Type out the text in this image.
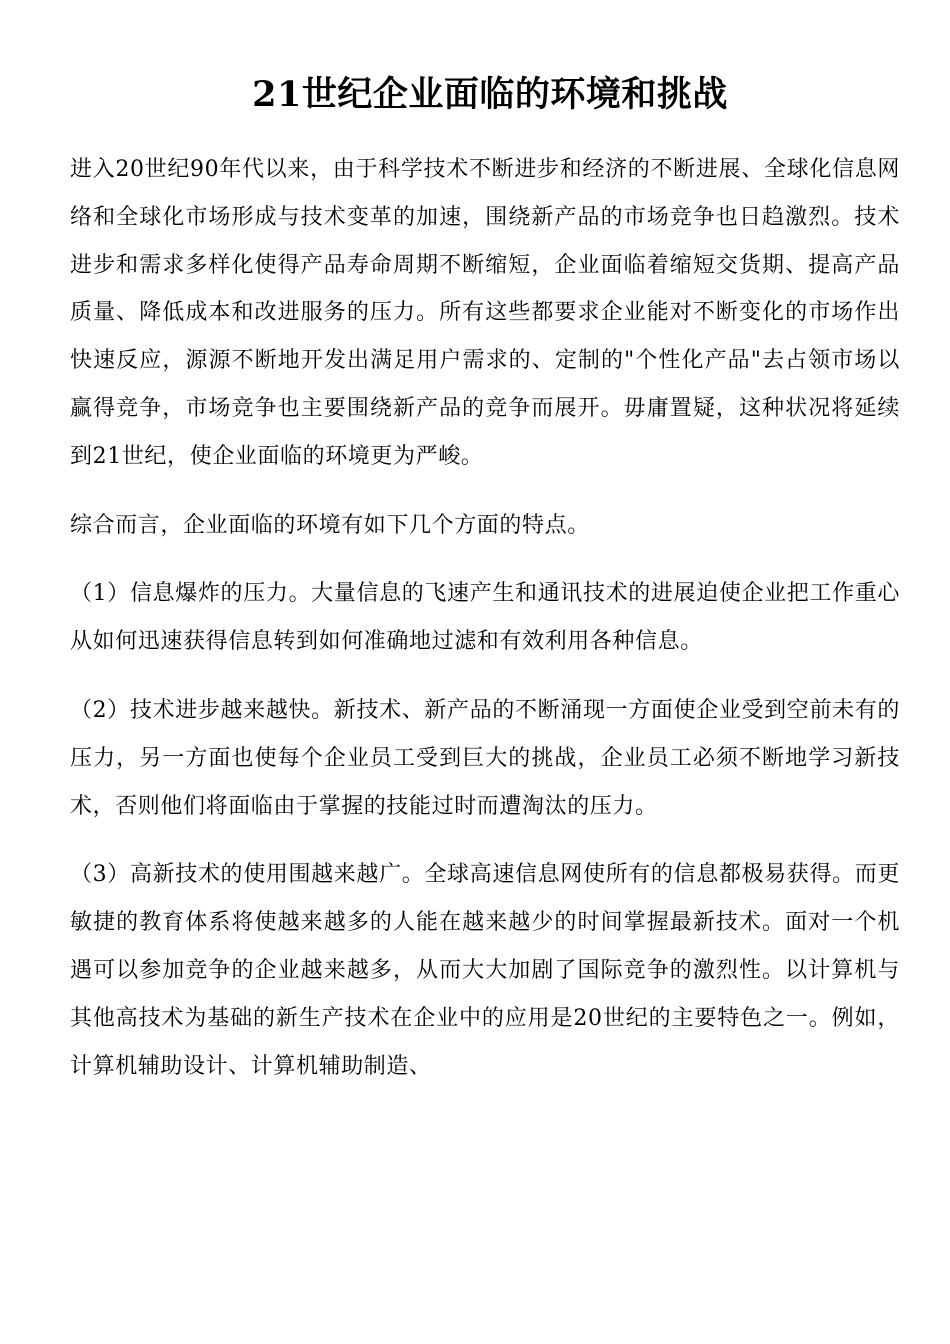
21世纪企业面临的环境和挑战

进入20世纪90年代以来，由于科学技术不断进步和经济的不断进展、全球化信息网络和全球化市场形成与技术变革的加速，围绕新产品的市场竞争也日趋激烈。技术进步和需求多样化使得产品寿命周期不断缩短，企业面临着缩短交货期、提高产品质量、降低成本和改进服务的压力。所有这些都要求企业能对不断变化的市场作出快速反应，源源不断地开发出满足用户需求的、定制的"个性化产品"去占领市场以赢得竞争，市场竞争也主要围绕新产品的竞争而展开。毋庸置疑，这种状况将延续到21世纪，使企业面临的环境更为严峻。

综合而言，企业面临的环境有如下几个方面的特点。

（1）信息爆炸的压力。大量信息的飞速产生和通讯技术的进展迫使企业把工作重心从如何迅速获得信息转到如何准确地过滤和有效利用各种信息。

（2）技术进步越来越快。新技术、新产品的不断涌现一方面使企业受到空前未有的压力，另一方面也使每个企业员工受到巨大的挑战，企业员工必须不断地学习新技术，否则他们将面临由于掌握的技能过时而遭淘汰的压力。

（3）高新技术的使用围越来越广。全球高速信息网使所有的信息都极易获得。而更敏捷的教育体系将使越来越多的人能在越来越少的时间掌握最新技术。面对一个机遇可以参加竞争的企业越来越多，从而大大加剧了国际竞争的激烈性。以计算机与其他高技术为基础的新生产技术在企业中的应用是20世纪的主要特色之一。例如，计算机辅助设计、计算机辅助制造、
